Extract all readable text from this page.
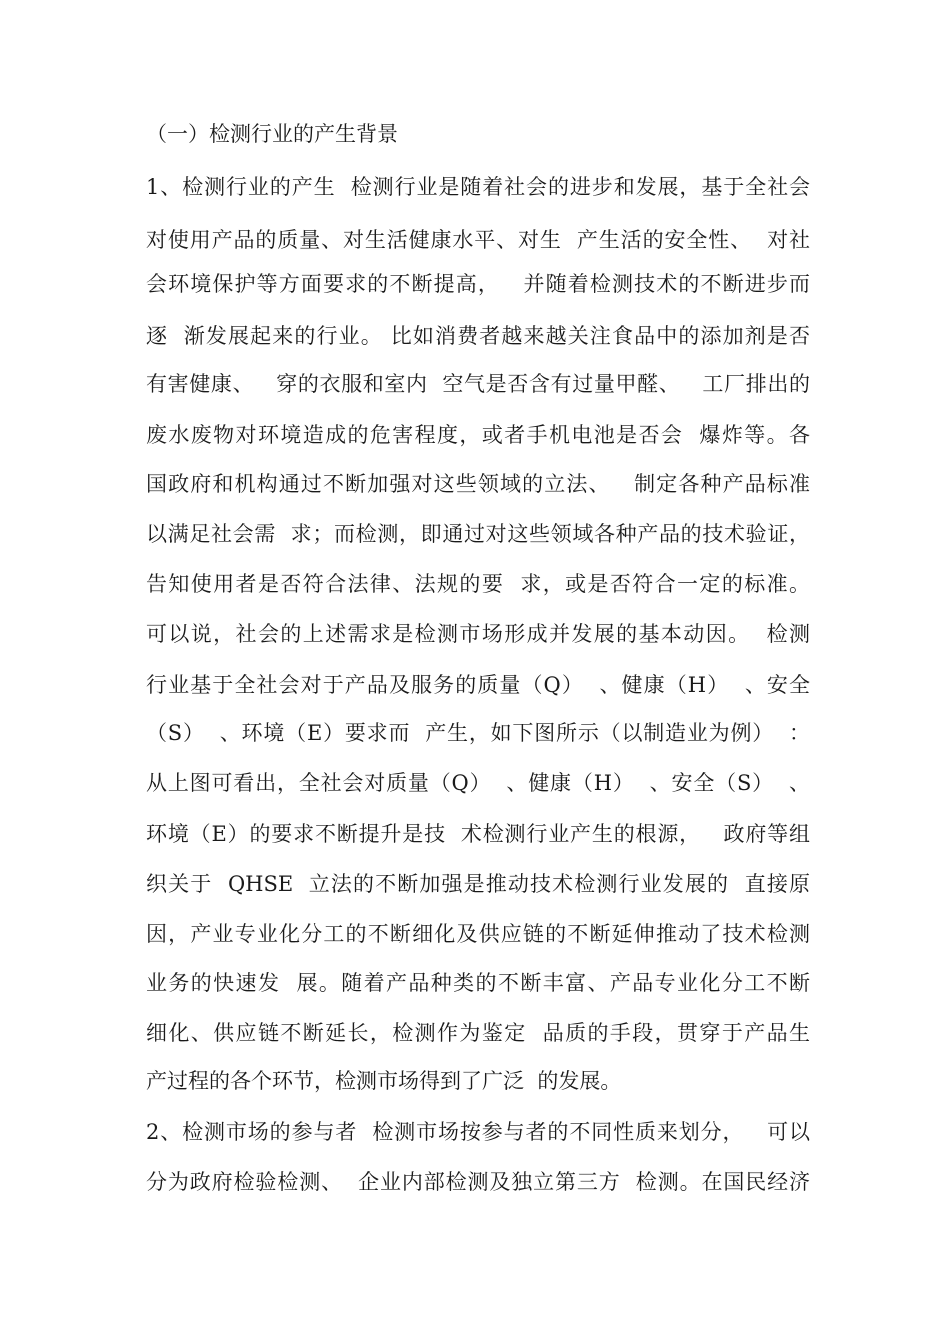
（一）检测行业的产生背景
1、检测行业的产生  检测行业是随着社会的进步和发展，基于全社会
对使用产品的质量、对生活健康水平、对生  产生活的安全性、  对社
会环境保护等方面要求的不断提高，   并随着检测技术的不断进步而
逐  渐发展起来的行业。 比如消费者越来越关注食品中的添加剂是否
有害健康、   穿的衣服和室内  空气是否含有过量甲醛、   工厂排出的
废水废物对环境造成的危害程度，或者手机电池是否会  爆炸等。各
国政府和机构通过不断加强对这些领域的立法、   制定各种产品标准
以满足社会需  求；而检测，即通过对这些领域各种产品的技术验证，
告知使用者是否符合法律、法规的要  求，或是否符合一定的标准。
可以说，社会的上述需求是检测市场形成并发展的基本动因。  检测
行业基于全社会对于产品及服务的质量（Q）  、健康（H）  、安全
（S）  、环境（E）要求而  产生，如下图所示（以制造业为例）  ：
从上图可看出，全社会对质量（Q）  、健康（H）  、安全（S）  、
环境（E）的要求不断提升是技  术检测行业产生的根源，   政府等组
织关于  QHSE  立法的不断加强是推动技术检测行业发展的  直接原
因，产业专业化分工的不断细化及供应链的不断延伸推动了技术检测
业务的快速发  展。随着产品种类的不断丰富、产品专业化分工不断
细化、供应链不断延长，检测作为鉴定  品质的手段，贯穿于产品生
产过程的各个环节，检测市场得到了广泛  的发展。
2、检测市场的参与者  检测市场按参与者的不同性质来划分，   可以
分为政府检验检测、  企业内部检测及独立第三方  检测。在国民经济
